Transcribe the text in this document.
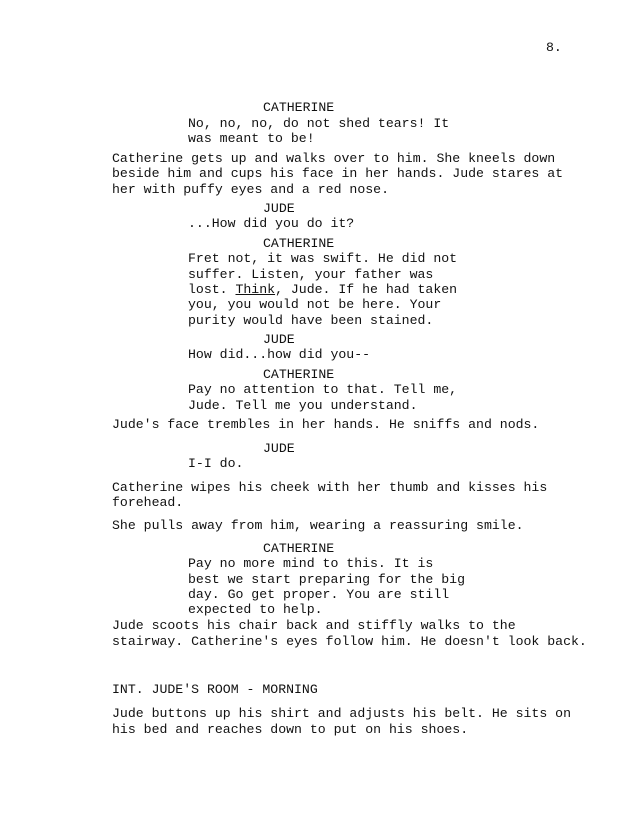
8.
CATHERINE
No, no, no, do not shed tears! It
was meant to be!
Catherine gets up and walks over to him. She kneels down
beside him and cups his face in her hands. Jude stares at
her with puffy eyes and a red nose.
JUDE
...How did you do it?
CATHERINE
Fret not, it was swift. He did not
suffer. Listen, your father was
lost. Think, Jude. If he had taken
you, you would not be here. Your
purity would have been stained.
JUDE
How did...how did you--
CATHERINE
Pay no attention to that. Tell me,
Jude. Tell me you understand.
Jude's face trembles in her hands. He sniffs and nods.
JUDE
I-I do.
Catherine wipes his cheek with her thumb and kisses his
forehead.
She pulls away from him, wearing a reassuring smile.
CATHERINE
Pay no more mind to this. It is
best we start preparing for the big
day. Go get proper. You are still
expected to help.
Jude scoots his chair back and stiffly walks to the
stairway. Catherine's eyes follow him. He doesn't look back.
INT. JUDE'S ROOM - MORNING
Jude buttons up his shirt and adjusts his belt. He sits on
his bed and reaches down to put on his shoes.
